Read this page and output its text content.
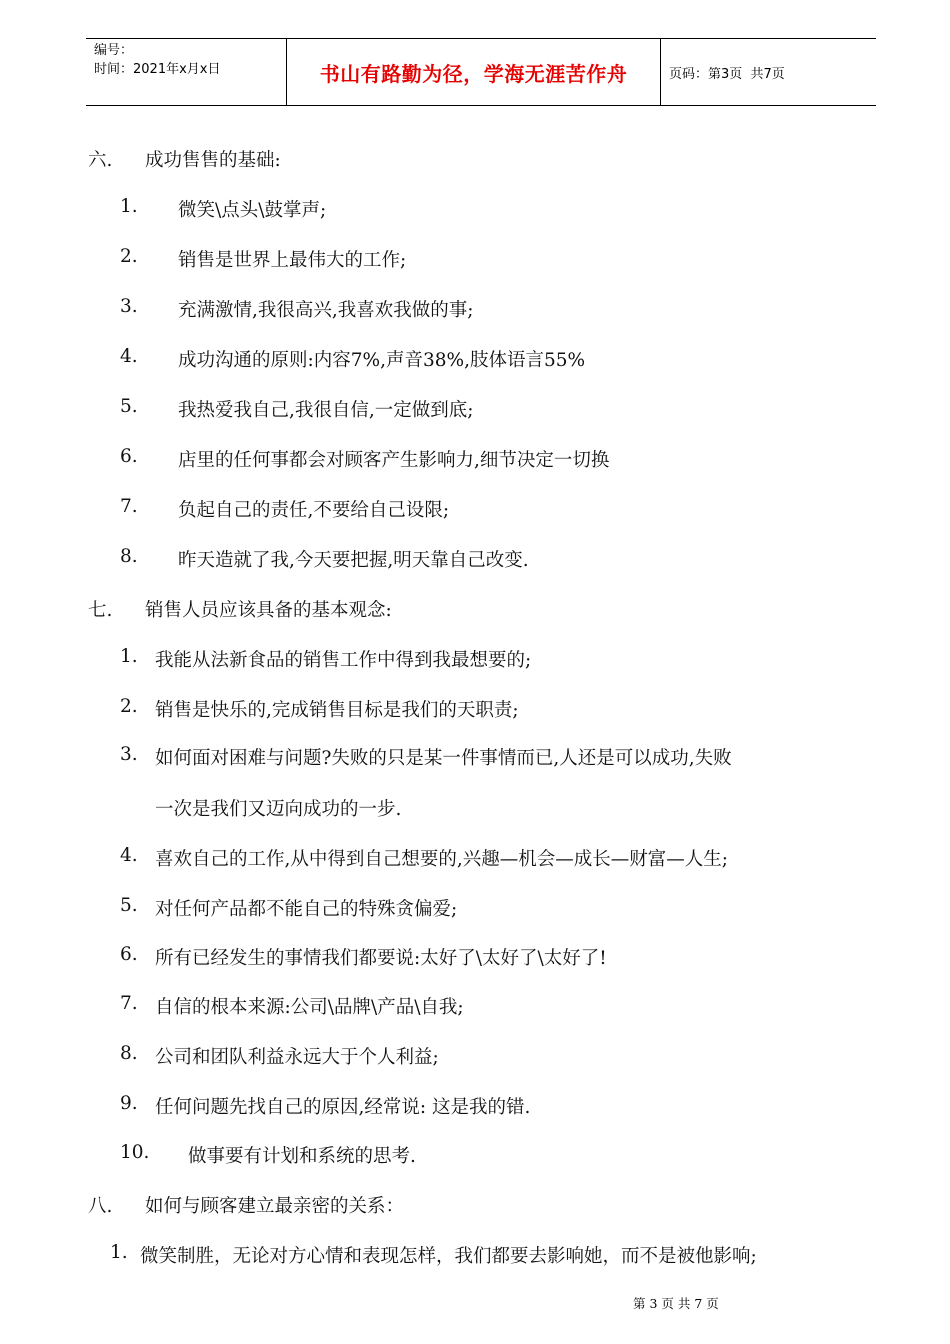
编号：
时间：2021年x月x日	书山有路勤为径，学海无涯苦作舟	页码：第3页  共7页
六. 成功售售的基础:
1. 微笑\点头\鼓掌声;
2. 销售是世界上最伟大的工作;
3. 充满激情,我很高兴,我喜欢我做的事;
4. 成功沟通的原则:内容7%,声音38%,肢体语言55%
5. 我热爱我自己,我很自信,一定做到底;
6. 店里的任何事都会对顾客产生影响力,细节决定一切换
7. 负起自己的责任,不要给自己设限;
8. 昨天造就了我,今天要把握,明天靠自己改变.
七. 销售人员应该具备的基本观念:
1. 我能从法新食品的销售工作中得到我最想要的;
2. 销售是快乐的,完成销售目标是我们的天职责;
3. 如何面对困难与问题?失败的只是某一件事情而已,人还是可以成功,失败
一次是我们又迈向成功的一步.
4. 喜欢自己的工作,从中得到自己想要的,兴趣—机会—成长—财富—人生;
5. 对任何产品都不能自己的特殊贪偏爱;
6. 所有已经发生的事情我们都要说:太好了\太好了\太好了!
7. 自信的根本来源:公司\品牌\产品\自我;
8. 公司和团队利益永远大于个人利益;
9. 任何问题先找自己的原因,经常说: 这是我的错.
10. 做事要有计划和系统的思考.
八. 如何与顾客建立最亲密的关系：
1. 微笑制胜，无论对方心情和表现怎样，我们都要去影响她，而不是被他影响;
第 3 页 共 7 页
